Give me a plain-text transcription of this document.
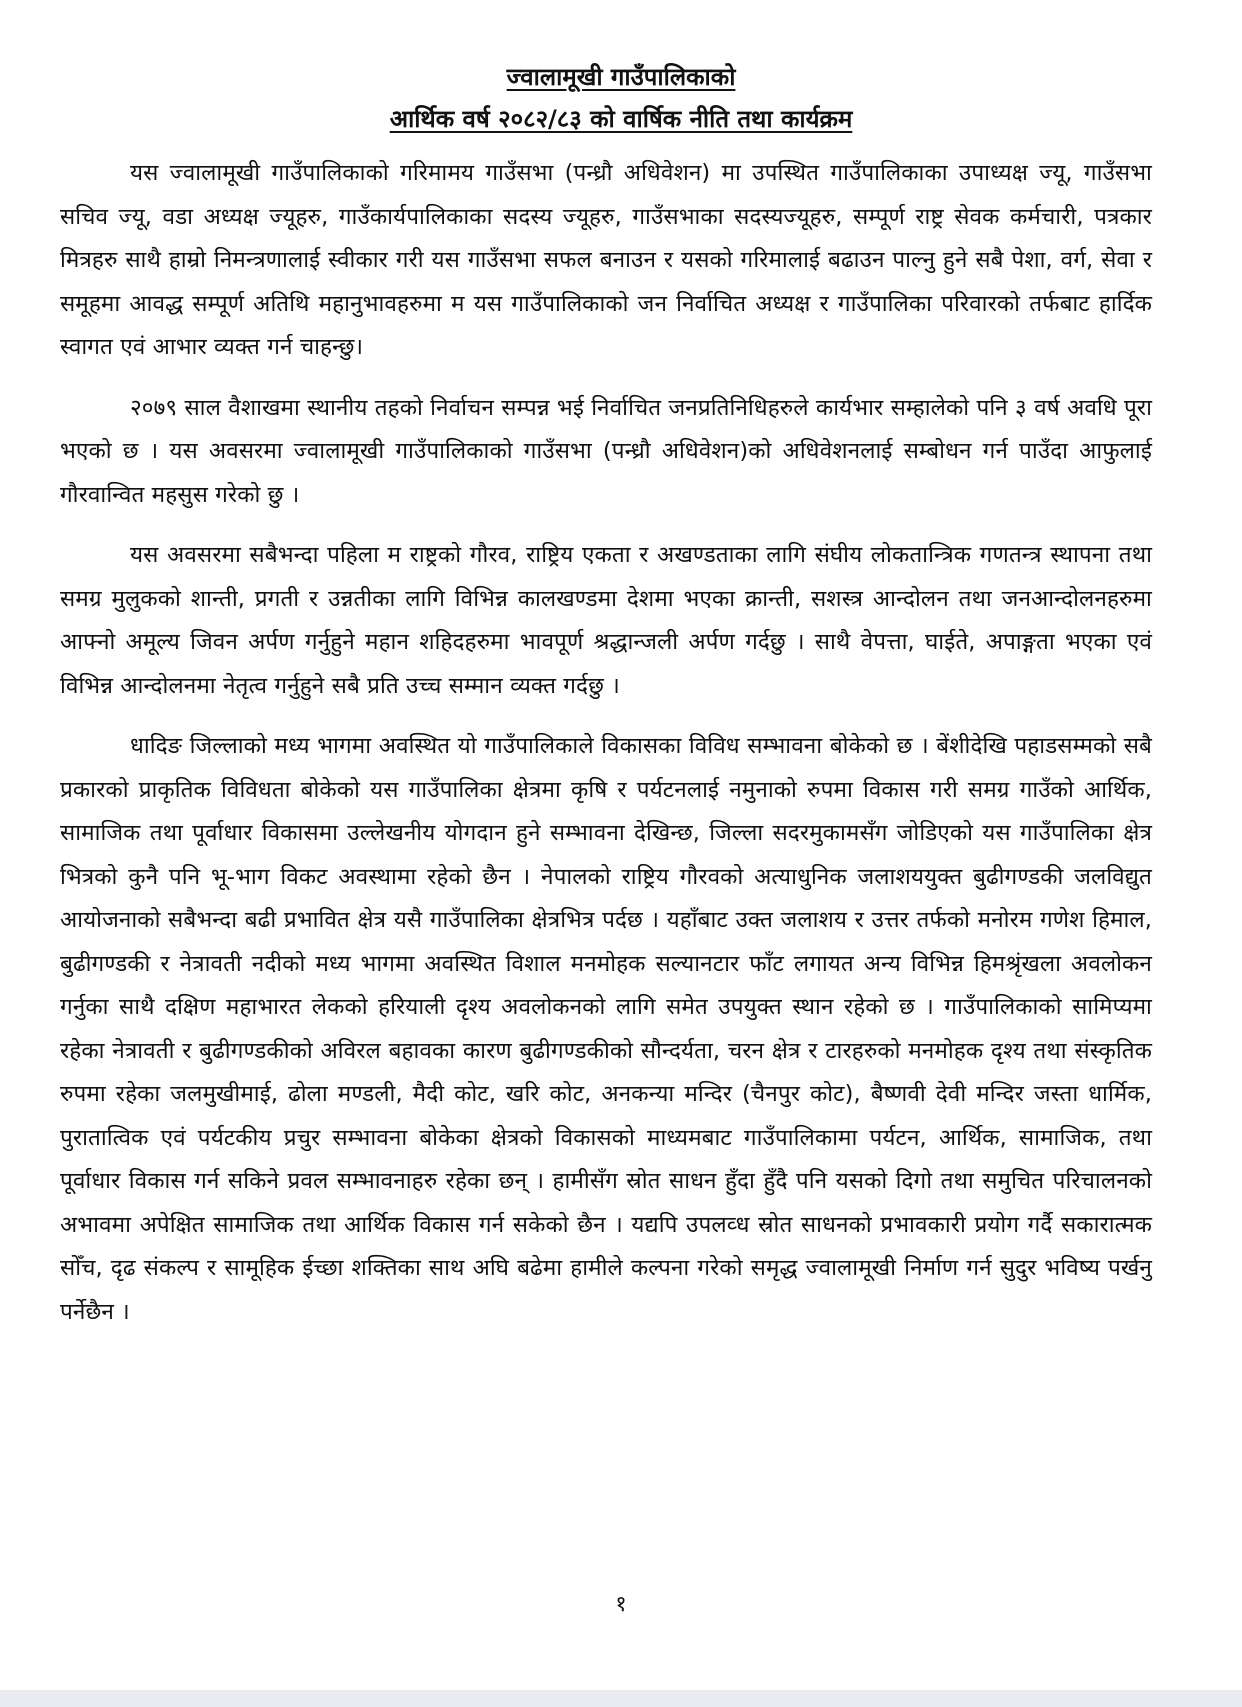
ज्वालामूखी गाउँपालिकाको

आर्थिक वर्ष २०८२/८३ को वार्षिक नीति तथा कार्यक्रम

यस ज्वालामूखी गाउँपालिकाको गरिमामय गाउँसभा (पन्ध्रौ अधिवेशन) मा उपस्थित गाउँपालिकाका उपाध्यक्ष ज्यू, गाउँसभा सचिव ज्यू, वडा अध्यक्ष ज्यूहरु, गाउँकार्यपालिकाका सदस्य ज्यूहरु, गाउँसभाका सदस्यज्यूहरु, सम्पूर्ण राष्ट्र सेवक कर्मचारी, पत्रकार मित्रहरु साथै हाम्रो निमन्त्रणालाई स्वीकार गरी यस गाउँसभा सफल बनाउन र यसको गरिमालाई बढाउन पाल्नु हुने सबै पेशा, वर्ग, सेवा र समूहमा आवद्ध सम्पूर्ण अतिथि महानुभावहरुमा म यस गाउँपालिकाको जन निर्वाचित अध्यक्ष र गाउँपालिका परिवारको तर्फबाट हार्दिक स्वागत एवं आभार व्यक्त गर्न चाहन्छु।

२०७९ साल वैशाखमा स्थानीय तहको निर्वाचन सम्पन्न भई निर्वाचित जनप्रतिनिधिहरुले कार्यभार सम्हालेको पनि ३ वर्ष अवधि पूरा भएको छ । यस अवसरमा ज्वालामूखी गाउँपालिकाको गाउँसभा (पन्ध्रौ अधिवेशन)को अधिवेशनलाई सम्बोधन गर्न पाउँदा आफुलाई गौरवान्वित महसुस गरेको छु ।

यस अवसरमा सबैभन्दा पहिला म राष्ट्रको गौरव, राष्ट्रिय एकता र अखण्डताका लागि संघीय लोकतान्त्रिक गणतन्त्र स्थापना तथा समग्र मुलुकको शान्ती, प्रगती र उन्नतीका लागि विभिन्न कालखण्डमा देशमा भएका क्रान्ती, सशस्त्र आन्दोलन तथा जनआन्दोलनहरुमा आफ्नो अमूल्य जिवन अर्पण गर्नुहुने महान शहिदहरुमा भावपूर्ण श्रद्धान्जली अर्पण गर्दछु । साथै वेपत्ता, घाईते, अपाङ्गता भएका एवं विभिन्न आन्दोलनमा नेतृत्व गर्नुहुने सबै प्रति उच्च सम्मान व्यक्त गर्दछु ।

धादिङ जिल्लाको मध्य भागमा अवस्थित यो गाउँपालिकाले विकासका विविध सम्भावना बोकेको छ । बेंशीदेखि पहाडसम्मको सबै प्रकारको प्राकृतिक विविधता बोकेको यस गाउँपालिका क्षेत्रमा कृषि र पर्यटनलाई नमुनाको रुपमा विकास गरी समग्र गाउँको आर्थिक, सामाजिक तथा पूर्वाधार विकासमा उल्लेखनीय योगदान हुने सम्भावना देखिन्छ, जिल्ला सदरमुकामसँग जोडिएको यस गाउँपालिका क्षेत्र भित्रको कुनै पनि भू-भाग विकट अवस्थामा रहेको छैन । नेपालको राष्ट्रिय गौरवको अत्याधुनिक जलाशययुक्त बुढीगण्डकी जलविद्युत आयोजनाको सबैभन्दा बढी प्रभावित क्षेत्र यसै गाउँपालिका क्षेत्रभित्र पर्दछ । यहाँबाट उक्त जलाशय र उत्तर तर्फको मनोरम गणेश हिमाल, बुढीगण्डकी र नेत्रावती नदीको मध्य भागमा अवस्थित विशाल मनमोहक सल्यानटार फाँट लगायत अन्य विभिन्न हिमश्रृंखला अवलोकन गर्नुका साथै दक्षिण महाभारत लेकको हरियाली दृश्य अवलोकनको लागि समेत उपयुक्त स्थान रहेको छ । गाउँपालिकाको सामिप्यमा रहेका नेत्रावती र बुढीगण्डकीको अविरल बहावका कारण बुढीगण्डकीको सौन्दर्यता, चरन क्षेत्र र टारहरुको मनमोहक दृश्य तथा संस्कृतिक रुपमा रहेका जलमुखीमाई, ढोला मण्डली, मैदी कोट, खरि कोट, अनकन्या मन्दिर (चैनपुर कोट), बैष्णवी देवी मन्दिर जस्ता धार्मिक, पुरातात्विक एवं पर्यटकीय प्रचुर सम्भावना बोकेका क्षेत्रको विकासको माध्यमबाट गाउँपालिकामा पर्यटन, आर्थिक, सामाजिक, तथा पूर्वाधार विकास गर्न सकिने प्रवल सम्भावनाहरु रहेका छन् । हामीसँग स्रोत साधन हुँदा हुँदै पनि यसको दिगो तथा समुचित परिचालनको अभावमा अपेक्षित सामाजिक तथा आर्थिक विकास गर्न सकेको छैन । यद्यपि उपलव्ध स्रोत साधनको प्रभावकारी प्रयोग गर्दै सकारात्मक सोँच, दृढ संकल्प र सामूहिक ईच्छा शक्तिका साथ अघि बढेमा हामीले कल्पना गरेको समृद्ध ज्वालामूखी निर्माण गर्न सुदुर भविष्य पर्खनु पर्नेछैन ।

१
